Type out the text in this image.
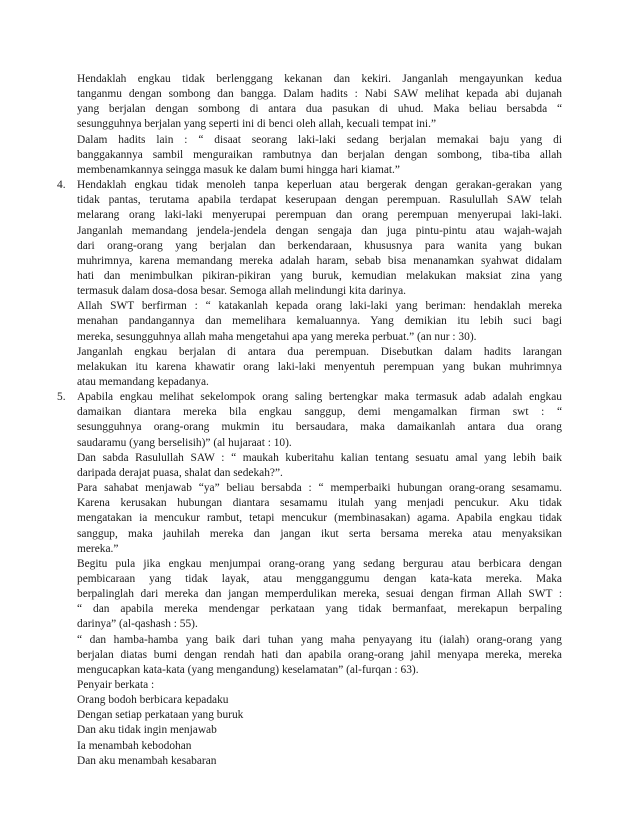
Hendaklah engkau tidak berlenggang kekanan dan kekiri. Janganlah mengayunkan kedua
tanganmu dengan sombong dan bangga. Dalam hadits : Nabi SAW melihat kepada abi dujanah
yang berjalan dengan sombong di antara dua pasukan di uhud. Maka beliau bersabda “
sesungguhnya berjalan yang seperti ini di benci oleh allah, kecuali tempat ini.”
Dalam hadits lain : “ disaat seorang laki-laki sedang berjalan memakai baju yang di
banggakannya sambil menguraikan rambutnya dan berjalan dengan sombong, tiba-tiba allah
membenamkannya seingga masuk ke dalam bumi hingga hari kiamat.”
Hendaklah engkau tidak menoleh tanpa keperluan atau bergerak dengan gerakan-gerakan yang
tidak pantas, terutama apabila terdapat keserupaan dengan perempuan. Rasulullah SAW telah
melarang orang laki-laki menyerupai perempuan dan orang perempuan menyerupai laki-laki.
Janganlah memandang jendela-jendela dengan sengaja dan juga pintu-pintu atau wajah-wajah
dari orang-orang yang berjalan dan berkendaraan, khususnya para wanita yang bukan
muhrimnya, karena memandang mereka adalah haram, sebab bisa menanamkan syahwat didalam
hati dan menimbulkan pikiran-pikiran yang buruk, kemudian melakukan maksiat zina yang
termasuk dalam dosa-dosa besar. Semoga allah melindungi kita darinya.
Allah SWT berfirman : “ katakanlah kepada orang laki-laki yang beriman: hendaklah mereka
menahan pandangannya dan memelihara kemaluannya. Yang demikian itu lebih suci bagi
mereka, sesungguhnya allah maha mengetahui apa yang mereka perbuat.” (an nur : 30).
Janganlah engkau berjalan di antara dua perempuan. Disebutkan dalam hadits larangan
melakukan itu karena khawatir orang laki-laki menyentuh perempuan yang bukan muhrimnya
atau memandang kepadanya.
Apabila engkau melihat sekelompok orang saling bertengkar maka termasuk adab adalah engkau
damaikan diantara mereka bila engkau sanggup, demi mengamalkan firman swt : “
sesungguhnya orang-orang mukmin itu bersaudara, maka damaikanlah antara dua orang
saudaramu (yang berselisih)” (al hujaraat : 10).
Dan sabda Rasulullah SAW : “ maukah kuberitahu kalian tentang sesuatu amal yang lebih baik
daripada derajat puasa, shalat dan sedekah?”.
Para sahabat menjawab “ya” beliau bersabda : “ memperbaiki hubungan orang-orang sesamamu.
Karena kerusakan hubungan diantara sesamamu itulah yang menjadi pencukur. Aku tidak
mengatakan ia mencukur rambut, tetapi mencukur (membinasakan) agama. Apabila engkau tidak
sanggup, maka jauhilah mereka dan jangan ikut serta bersama mereka atau menyaksikan
mereka.”
Begitu pula jika engkau menjumpai orang-orang yang sedang bergurau atau berbicara dengan
pembicaraan yang tidak layak, atau mengganggumu dengan kata-kata mereka. Maka
berpalinglah dari mereka dan jangan memperdulikan mereka, sesuai dengan firman Allah SWT :
“ dan apabila mereka mendengar perkataan yang tidak bermanfaat, merekapun berpaling
darinya” (al-qashash : 55).
“ dan hamba-hamba yang baik dari tuhan yang maha penyayang itu (ialah) orang-orang yang
berjalan diatas bumi dengan rendah hati dan apabila orang-orang jahil menyapa mereka, mereka
mengucapkan kata-kata (yang mengandung) keselamatan” (al-furqan : 63).
Penyair berkata :
Orang bodoh berbicara kepadaku
Dengan setiap perkataan yang buruk
Dan aku tidak ingin menjawab
Ia menambah kebodohan
Dan aku menambah kesabaran
4.
5.
